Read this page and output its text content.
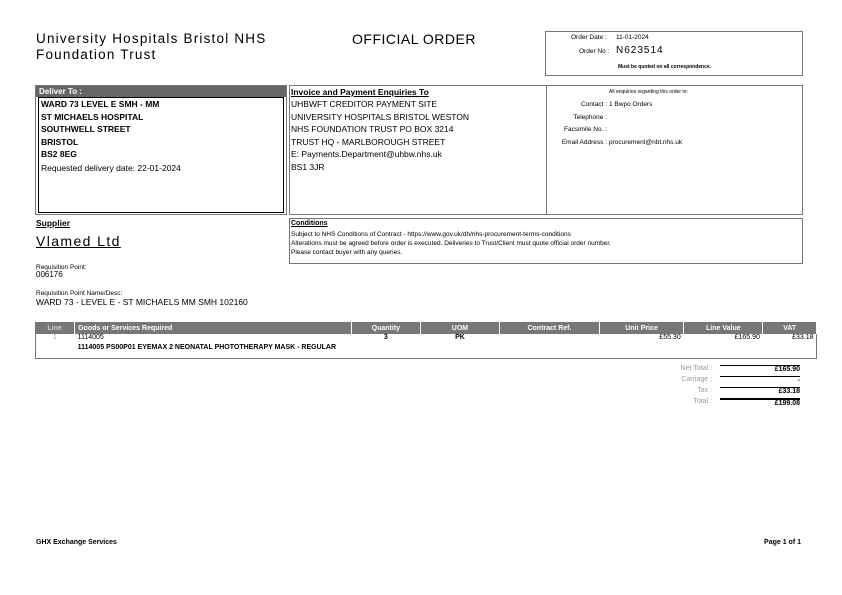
University Hospitals Bristol NHS
Foundation Trust
OFFICIAL ORDER	Order Date : 11-01-2024
Order No : N623514
Must be quoted on all correspondence.
Deliver To :
WARD 73 LEVEL E SMH - MM
ST MICHAELS HOSPITAL
SOUTHWELL STREET
BRISTOL
BS2 8EG
Requested delivery date: 22-01-2024
Invoice and Payment Enquiries To
UHBWFT CREDITOR PAYMENT SITE
UNIVERSITY HOSPITALS BRISTOL WESTON
NHS FOUNDATION TRUST PO BOX 3214
TRUST HQ - MARLBOROUGH STREET
E: Payments.Department@uhbw.nhs.uk
BS1 3JR
All enquiries regarding this order to:
Contact : 1 Bwpo Orders
Telephone :
Facsimile No. :
Email Address : procurement@nbt.nhs.uk
Supplier
Vlamed Ltd
Requisition Point:
006176
Requisition Point Name/Desc:
WARD 73 - LEVEL E - ST MICHAELS MM SMH 102160
Conditions
Subject to NHS Conditions of Contract - https://www.gov.uk/dh/nhs-procurement-terms-conditions
Alterations must be agreed before order is executed. Deliveries to Trust/Client must quote official order number.
Please contact buyer with any queries.
Line	Goods or Services Required	Quantity	UOM	Contract Ref.	Unit Price	Line Value	VAT
1	1114005	3	PK		£55.30	£165.90	£33.18
	1114005 PS00P01 EYEMAX 2 NEONATAL PHOTOTHERAPY MASK - REGULAR						
Net Total :	£165.90
Carriage :	-
Tax :	£33.18
Total :	£199.08
GHX Exchange Services	Page 1 of 1
